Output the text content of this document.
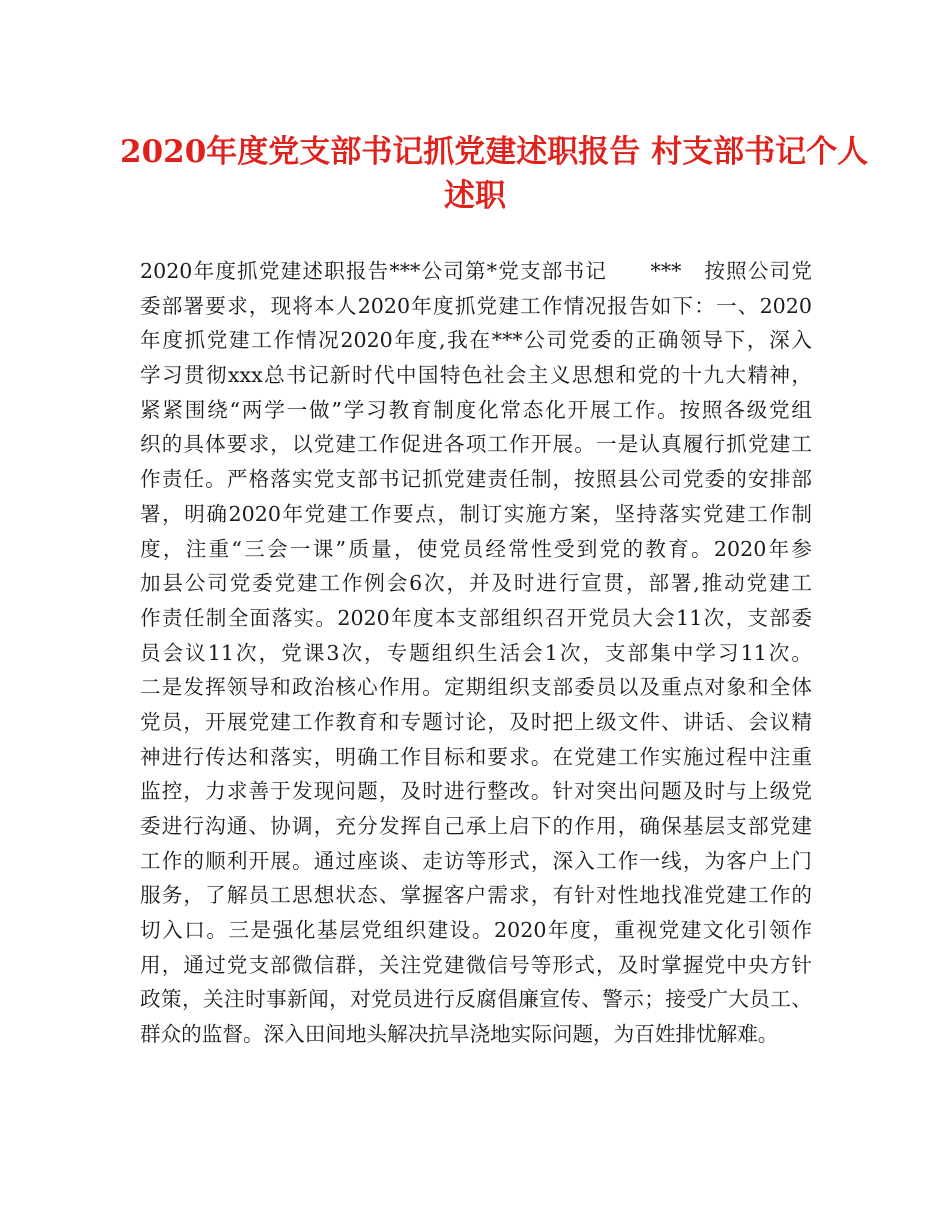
2020年度党支部书记抓党建述职报告 村支部书记个人
述职
2020年度抓党建述职报告***公司第*党支部书记　　***　按照公司党
委部署要求，现将本人2020年度抓党建工作情况报告如下：一、2020
年度抓党建工作情况2020年度,我在***公司党委的正确领导下，深入
学习贯彻xxx总书记新时代中国特色社会主义思想和党的十九大精神，
紧紧围绕“两学一做”学习教育制度化常态化开展工作。按照各级党组
织的具体要求，以党建工作促进各项工作开展。一是认真履行抓党建工
作责任。严格落实党支部书记抓党建责任制，按照县公司党委的安排部
署，明确2020年党建工作要点，制订实施方案，坚持落实党建工作制
度，注重“三会一课”质量，使党员经常性受到党的教育。2020年参
加县公司党委党建工作例会6次，并及时进行宣贯，部署,推动党建工
作责任制全面落实。2020年度本支部组织召开党员大会11次，支部委
员会议11次，党课3次，专题组织生活会1次，支部集中学习11次。
二是发挥领导和政治核心作用。定期组织支部委员以及重点对象和全体
党员，开展党建工作教育和专题讨论，及时把上级文件、讲话、会议精
神进行传达和落实，明确工作目标和要求。在党建工作实施过程中注重
监控，力求善于发现问题，及时进行整改。针对突出问题及时与上级党
委进行沟通、协调，充分发挥自己承上启下的作用，确保基层支部党建
工作的顺利开展。通过座谈、走访等形式，深入工作一线，为客户上门
服务，了解员工思想状态、掌握客户需求，有针对性地找准党建工作的
切入口。三是强化基层党组织建设。2020年度，重视党建文化引领作
用，通过党支部微信群，关注党建微信号等形式，及时掌握党中央方针
政策，关注时事新闻，对党员进行反腐倡廉宣传、警示；接受广大员工、
群众的监督。深入田间地头解决抗旱浇地实际问题，为百姓排忧解难。
